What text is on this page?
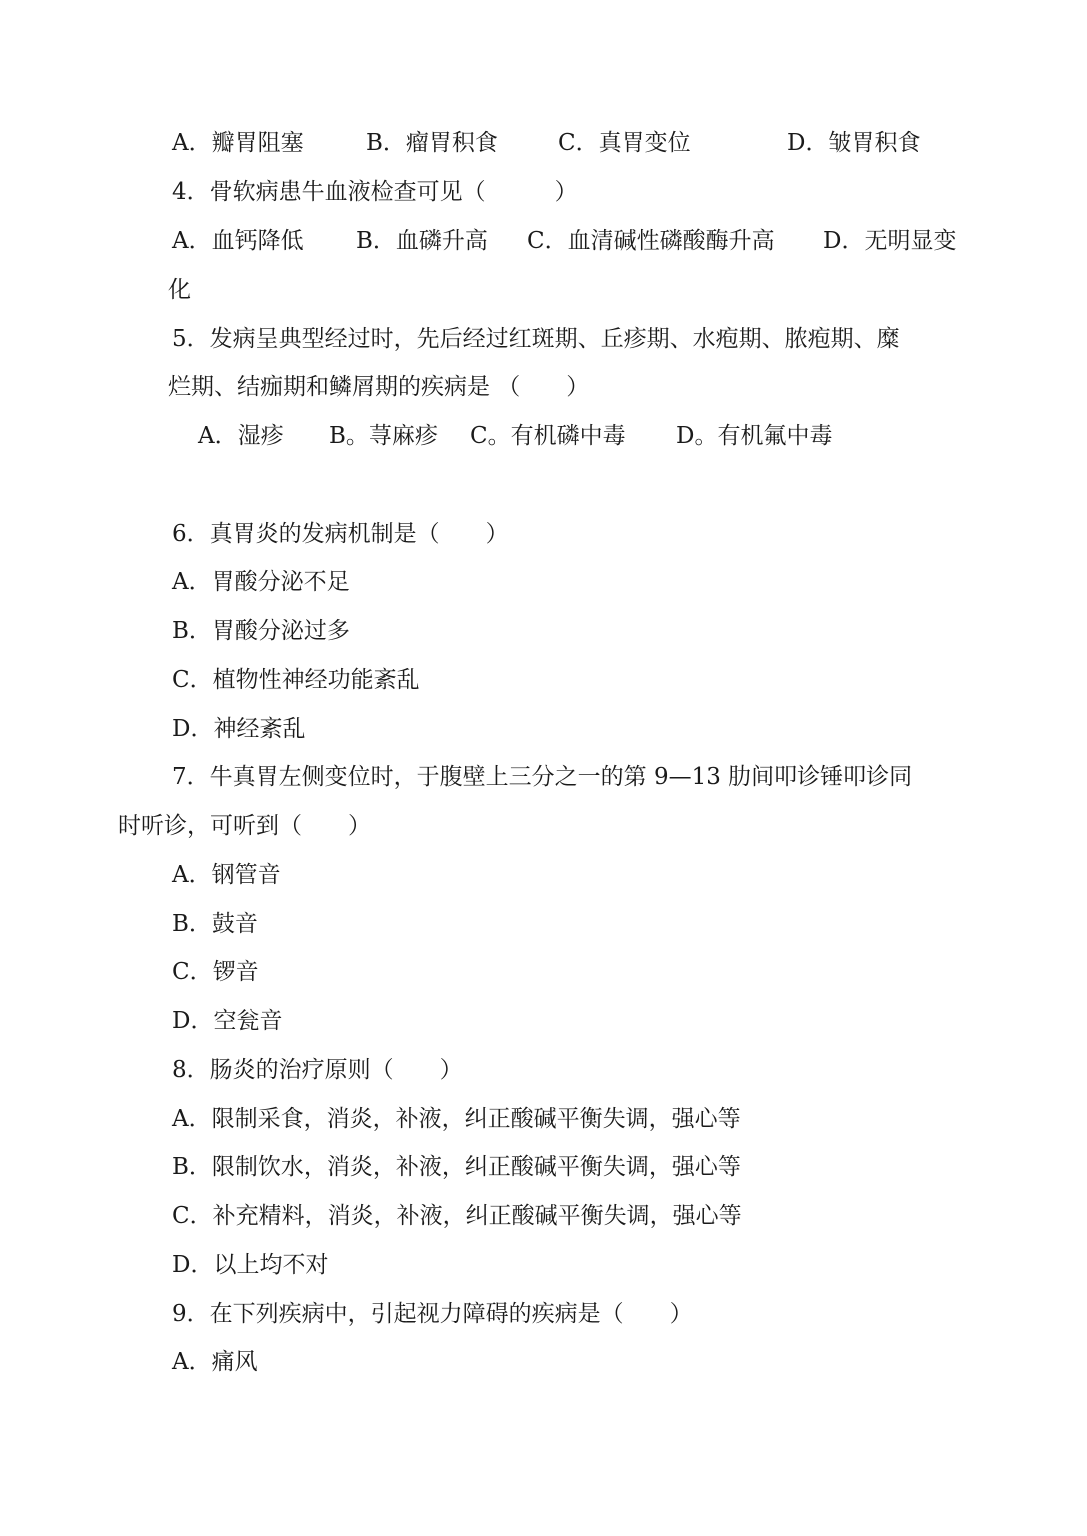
A．瓣胃阻塞	B．瘤胃积食	C．真胃变位	D．皱胃积食
4．骨软病患牛血液检查可见（　　　）
A．血钙降低 B．血磷升高 C．血清碱性磷酸酶升高 D．无明显变
化
5．发病呈典型经过时，先后经过红斑期、丘疹期、水疱期、脓疱期、糜
烂期、结痂期和鳞屑期的疾病是 （　　）
A．湿疹 B。荨麻疹 C。有机磷中毒 D。有机氟中毒
6．真胃炎的发病机制是（　　）
A．胃酸分泌不足
B．胃酸分泌过多
C．植物性神经功能紊乱
D．神经紊乱
7．牛真胃左侧变位时，于腹壁上三分之一的第 9—13 肋间叩诊锤叩诊同
时听诊，可听到（　　）
A．钢管音
B．鼓音
C．锣音
D．空瓮音
8．肠炎的治疗原则（　　）
A．限制采食，消炎，补液，纠正酸碱平衡失调，强心等
B．限制饮水，消炎，补液，纠正酸碱平衡失调，强心等
C．补充精料，消炎，补液，纠正酸碱平衡失调，强心等
D．以上均不对
9．在下列疾病中，引起视力障碍的疾病是（　　）
A．痛风
